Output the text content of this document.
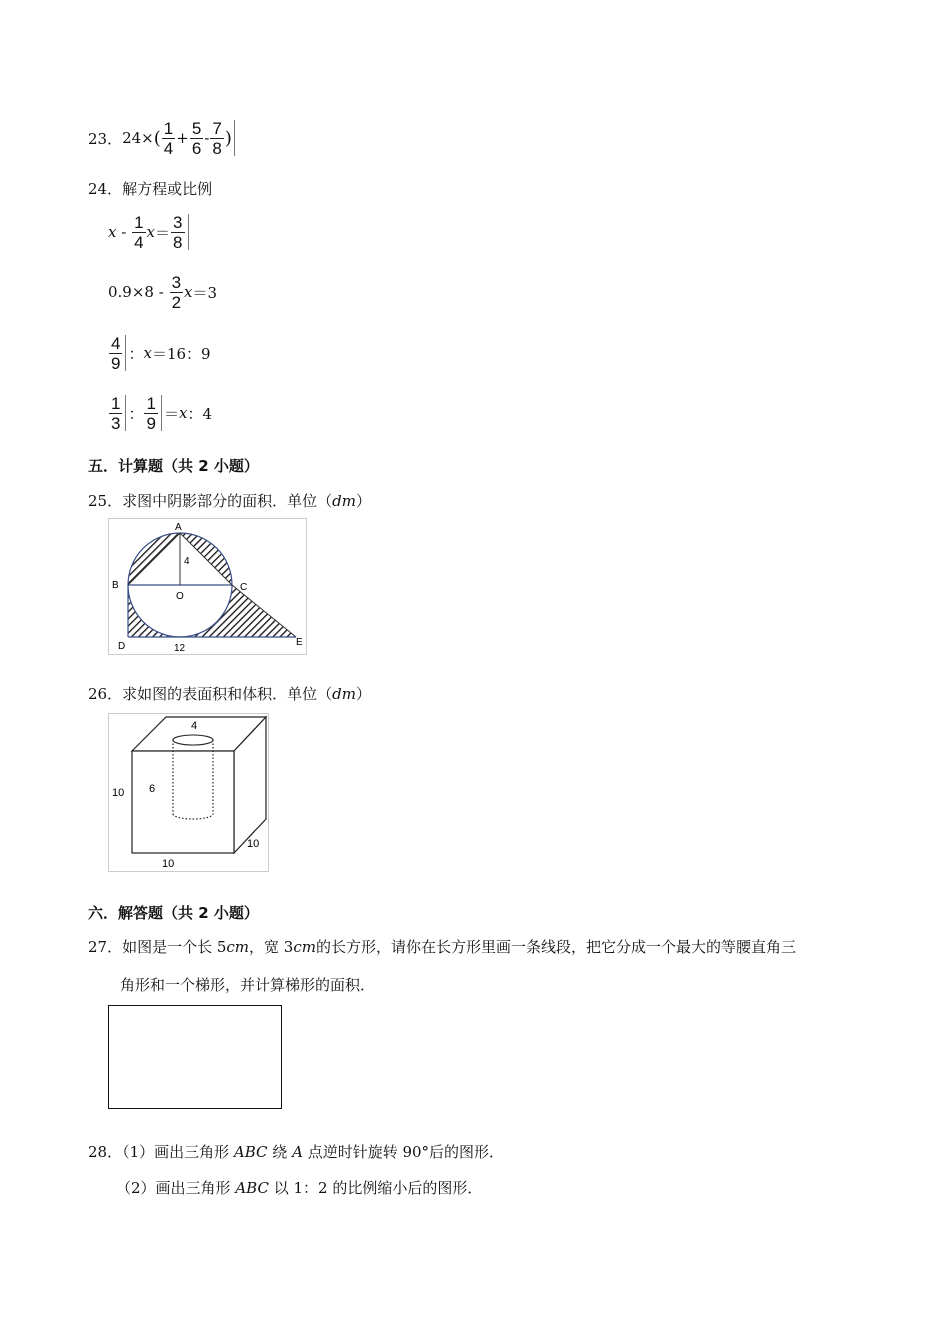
23． 24× ( $\frac{1}{4} + \frac{5}{6} - \frac{7}{8}$ )
24．解方程或比例
x - $\frac{1}{4}$ $x = \frac{3}{8}$
$0.9\times 8 - \frac{3}{2}$ x ＝3
$\frac{4}{9}$ ： x ＝16：9
$\frac{1}{3}$ ： $\frac{1}{9} = x$ ：4
五．计算题（共 2 小题）
25．求图中阴影部分的面积．单位（dm）
A
B	C
O
D	E
4
12
26．求如图的表面积和体积．单位（dm）
4
6
10
10
10
六．解答题（共 2 小题）
27．如图是一个长 5cm，宽 3cm的长方形，请你在长方形里画一条线段，把它分成一个最大的等腰直角三
角形和一个梯形，并计算梯形的面积．
28．（1）画出三角形 ABC 绕 A 点逆时针旋转 90°后的图形．
（2）画出三角形 ABC 以 1：2 的比例缩小后的图形．
